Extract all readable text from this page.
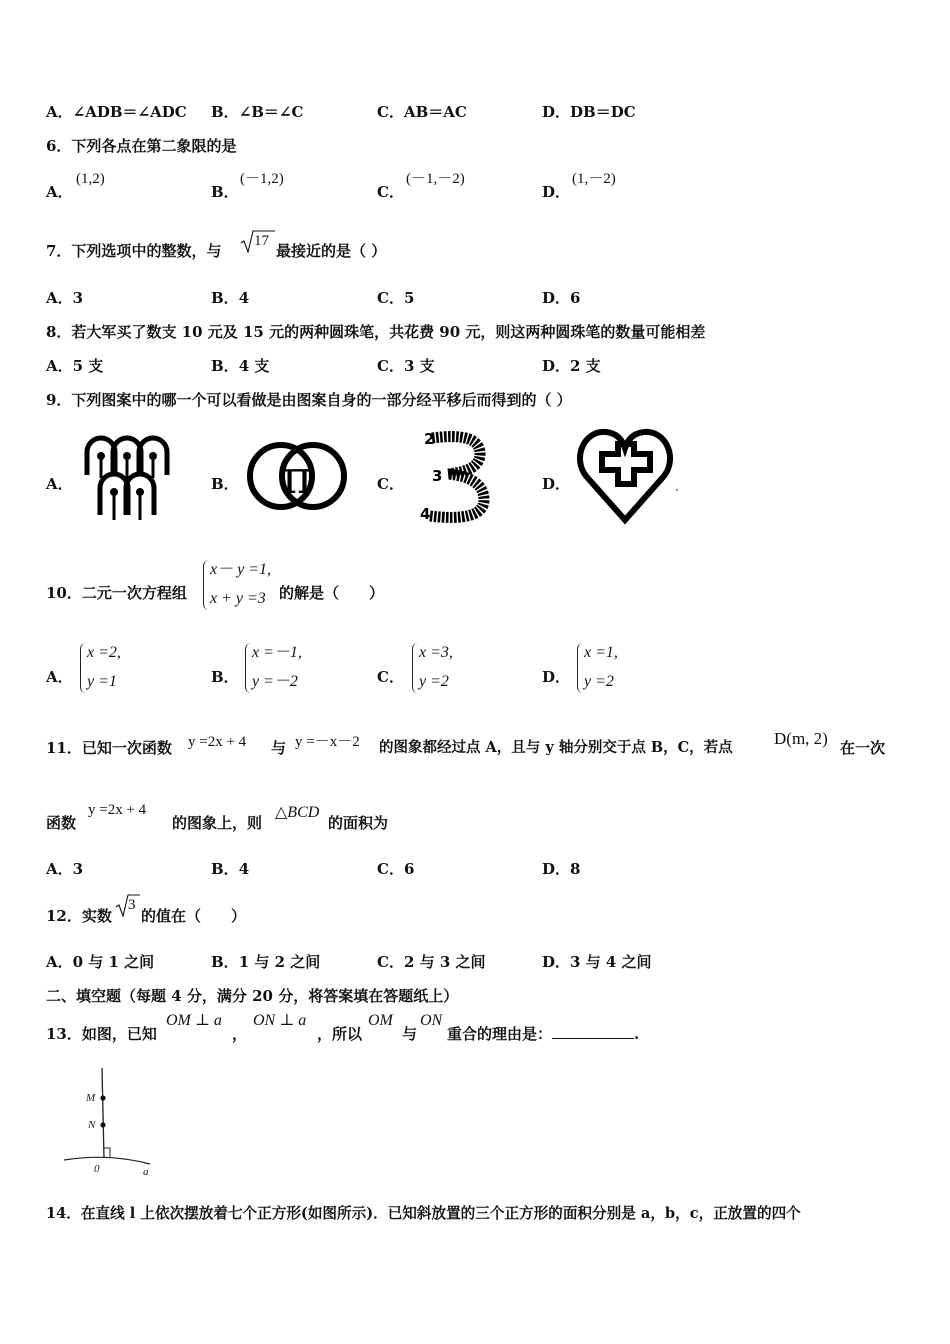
A．∠ADB＝∠ADC B．∠B＝∠C	C．AB＝AC	D．DB＝DC
6．下列各点在第二象限的是
A．
(1,2)
B．
(－1,2)
C．
(－1,－2)
D．
(1,－2)
7．下列选项中的整数，与
17
最接近的是（ ）
A．3	B．4	C．5	D．6
8．若大军买了数支 10 元及 15 元的两种圆珠笔，共花费 90 元，则这两种圆珠笔的数量可能相差
A．5 支	B．4 支	C．3 支	D．2 支
9．下列图案中的哪一个可以看做是由图案自身的一部分经平移后而得到的（ ）
A．	B． π	C．
2
3
4
D．
10．二元一次方程组
x－ y =1,
x + y =3 的解是（　　）
A．
x =2,
y =1	B．
x =－1,
y =－2	C．
x =3,
y =2	D．
x =1,
y =2
11．已知一次函数 y =2x + 4 与 y =－x－2 的图象都经过点 A，且与 y 轴分别交于点 B，C，若点 D(m, 2) 在一次
函数
y =2x + 4
的图象上，则
△BCD
的面积为
A．3	B．4	C．6	D．8
12．实数
3
的值在（　　）
A．0 与 1 之间	B．1 与 2 之间	C．2 与 3 之间	D．3 与 4 之间
二、填空题（每题 4 分，满分 20 分，将答案填在答题纸上）
13．如图，已知
OM ⊥ a
，
ON ⊥ a
，所以
OM
与
ON
重合的理由是：	.
M
N
0	a
14．在直线 l 上依次摆放着七个正方形(如图所示)．已知斜放置的三个正方形的面积分别是 a，b，c，正放置的四个
